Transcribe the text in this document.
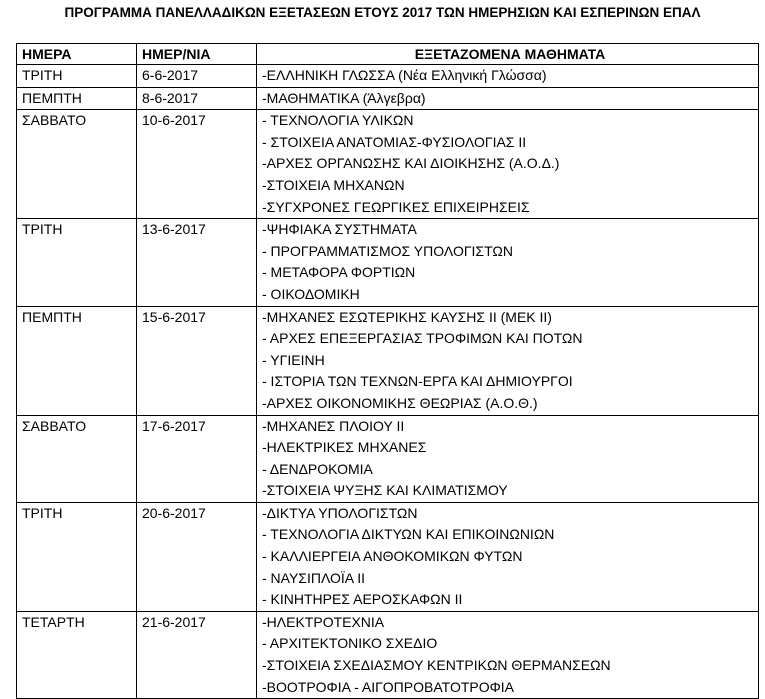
ΠΡΟΓΡΑΜΜΑ ΠΑΝΕΛΛΑΔΙΚΩΝ ΕΞΕΤΑΣΕΩΝ ΕΤΟΥΣ 2017 ΤΩΝ ΗΜΕΡΗΣΙΩΝ ΚΑΙ ΕΣΠΕΡΙΝΩΝ ΕΠΑΛ
ΗΜΕΡΑ	ΗΜΕΡ/ΝΙΑ	ΕΞΕΤΑΖΟΜΕΝΑ ΜΑΘΗΜΑΤΑ
ΤΡΙΤΗ	6-6-2017	-ΕΛΛΗΝΙΚΗ ΓΛΩΣΣΑ (Νέα Ελληνική Γλώσσα)

ΠΕΜΠΤΗ	8-6-2017	-ΜΑΘΗΜΑΤΙΚΑ (Άλγεβρα)

ΣΑΒΒΑΤΟ	10-6-2017	- ΤΕΧΝΟΛΟΓΙΑ ΥΛΙΚΩΝ
- ΣΤΟΙΧΕΙΑ ΑΝΑΤΟΜΙΑΣ-ΦΥΣΙΟΛΟΓΙΑΣ ΙΙ
-ΑΡΧΕΣ ΟΡΓΑΝΩΣΗΣ ΚΑΙ ΔΙΟΙΚΗΣΗΣ (Α.Ο.Δ.)
-ΣΤΟΙΧΕΙΑ ΜΗΧΑΝΩΝ
-ΣΥΓΧΡΟΝΕΣ ΓΕΩΡΓΙΚΕΣ ΕΠΙΧΕΙΡΗΣΕΙΣ

ΤΡΙΤΗ	13-6-2017	-ΨΗΦΙΑΚΑ ΣΥΣΤΗΜΑΤΑ
- ΠΡΟΓΡΑΜΜΑΤΙΣΜΟΣ ΥΠΟΛΟΓΙΣΤΩΝ
- ΜΕΤΑΦΟΡΑ ΦΟΡΤΙΩΝ
- ΟΙΚΟΔΟΜΙΚΗ

ΠΕΜΠΤΗ	15-6-2017	-ΜΗΧΑΝΕΣ ΕΣΩΤΕΡΙΚΗΣ ΚΑΥΣΗΣ ΙΙ (ΜΕΚ ΙΙ)
- ΑΡΧΕΣ ΕΠΕΞΕΡΓΑΣΙΑΣ ΤΡΟΦΙΜΩΝ ΚΑΙ ΠΟΤΩΝ
- ΥΓΙΕΙΝΗ
- ΙΣΤΟΡΙΑ ΤΩΝ ΤΕΧΝΩΝ-ΕΡΓΑ ΚΑΙ ΔΗΜΙΟΥΡΓΟΙ
-ΑΡΧΕΣ ΟΙΚΟΝΟΜΙΚΗΣ ΘΕΩΡΙΑΣ (Α.Ο.Θ.)

ΣΑΒΒΑΤΟ	17-6-2017	-ΜΗΧΑΝΕΣ ΠΛΟΙΟΥ ΙΙ
-ΗΛΕΚΤΡΙΚΕΣ ΜΗΧΑΝΕΣ
- ΔΕΝΔΡΟΚΟΜΙΑ
-ΣΤΟΙΧΕΙΑ ΨΥΞΗΣ ΚΑΙ ΚΛΙΜΑΤΙΣΜΟΥ

ΤΡΙΤΗ	20-6-2017	-ΔΙΚΤΥΑ ΥΠΟΛΟΓΙΣΤΩΝ
- ΤΕΧΝΟΛΟΓΙΑ ΔΙΚΤΥΩΝ ΚΑΙ ΕΠΙΚΟΙΝΩΝΙΩΝ
- ΚΑΛΛΙΕΡΓΕΙΑ ΑΝΘΟΚΟΜΙΚΩΝ ΦΥΤΩΝ
- ΝΑΥΣΙΠΛΟΪΑ ΙΙ
- ΚΙΝΗΤΗΡΕΣ ΑΕΡΟΣΚΑΦΩΝ ΙΙ

ΤΕΤΑΡΤΗ	21-6-2017	-ΗΛΕΚΤΡΟΤΕΧΝΙΑ
- ΑΡΧΙΤΕΚΤΟΝΙΚΟ ΣΧΕΔΙΟ
-ΣΤΟΙΧΕΙΑ ΣΧΕΔΙΑΣΜΟΥ ΚΕΝΤΡΙΚΩΝ ΘΕΡΜΑΝΣΕΩΝ
-ΒΟΟΤΡΟΦΙΑ - ΑΙΓΟΠΡΟΒΑΤΟΤΡΟΦΙΑ
